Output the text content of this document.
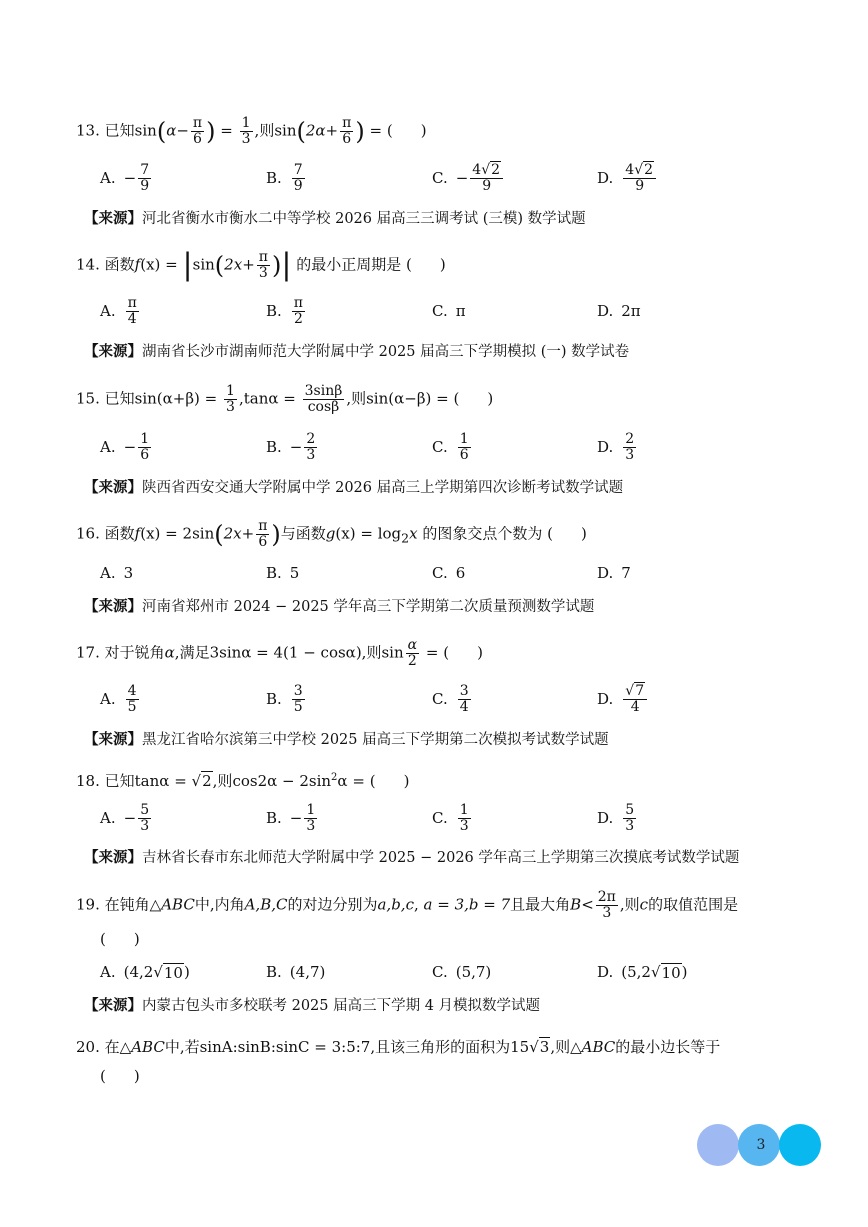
13. 已知$\sin(\alpha- \frac{\pi}{6}$ ) = $\frac{1}{3}$ ,则$\sin(2\alpha+ \frac{\pi}{6}$ ) = ( )
A. − $\frac{7}{9}$	B. $\frac{7}{9}$	C. − $\frac{4√2}{9}$	D. $\frac{4√2}{9}$
【来源】河北省衡水市衡水二中等学校 2026 届高三三调考试 (三模) 数学试题
14. 函数$f(x) = |\sin(2x+ \frac{\pi}{3}$ )| 的最小正周期是 ( )
A. $\frac{\pi}{4}$	B. $\frac{\pi}{2}$	C. π	D. 2π
【来源】湖南省长沙市湖南师范大学附属中学 2025 届高三下学期模拟 (一) 数学试卷
15. 已知$\sin(\alpha+\beta) = \frac{1}{3} ,\tan\alpha = \frac{3\sin\beta}{\cos\beta}$ ,则sin(α−β) = ( )
A. − $\frac{1}{6}$	B. − $\frac{2}{3}$	C. $\frac{1}{6}$	D. $\frac{2}{3}$
【来源】陕西省西安交通大学附属中学 2026 届高三上学期第四次诊断考试数学试题
16. 函数$f(x) = 2\sin(2x+ \frac{\pi}{6}$ )与函数$g(x) = \log_2x$ 的图象交点个数为 ( )
A. 3	B. 5	C. 6	D. 7
【来源】河南省郑州市 2024 − 2025 学年高三下学期第二次质量预测数学试题
17. 对于锐角α,满足3sinα = 4(1 − cosα),则$\sin \frac{\alpha}{2}$ = ( )
A. $\frac{4}{5}$	B. $\frac{3}{5}$	C. $\frac{3}{4}$	D. $\frac{√7}{4}$
【来源】黑龙江省哈尔滨第三中学校 2025 届高三下学期第二次模拟考试数学试题
18. 已知tanα = √2,则$\cos 2\alpha - 2\sin^2\alpha$ = ( )
A. − $\frac{5}{3}$	B. − $\frac{1}{3}$	C. $\frac{1}{3}$	D. $\frac{5}{3}$
【来源】吉林省长春市东北师范大学附属中学 2025 − 2026 学年高三上学期第三次摸底考试数学试题
19. 在钝角△ABC中,内角A,B,C的对边分别为a,b,c, a = 3,b = 7且最大角$B< \frac{2\pi}{3}$ ,则c的取值范围是
( )
A. (4,2 √ 10 )	B. (4,7)	C. (5,7)	D. (5,2 √ 10 )
【来源】内蒙古包头市多校联考 2025 届高三下学期 4 月模拟数学试题
20. 在△ABC中,若sinA:sinB:sinC = 3:5:7,且该三角形的面积为15√3,则△ABC的最小边长等于
( )
3
